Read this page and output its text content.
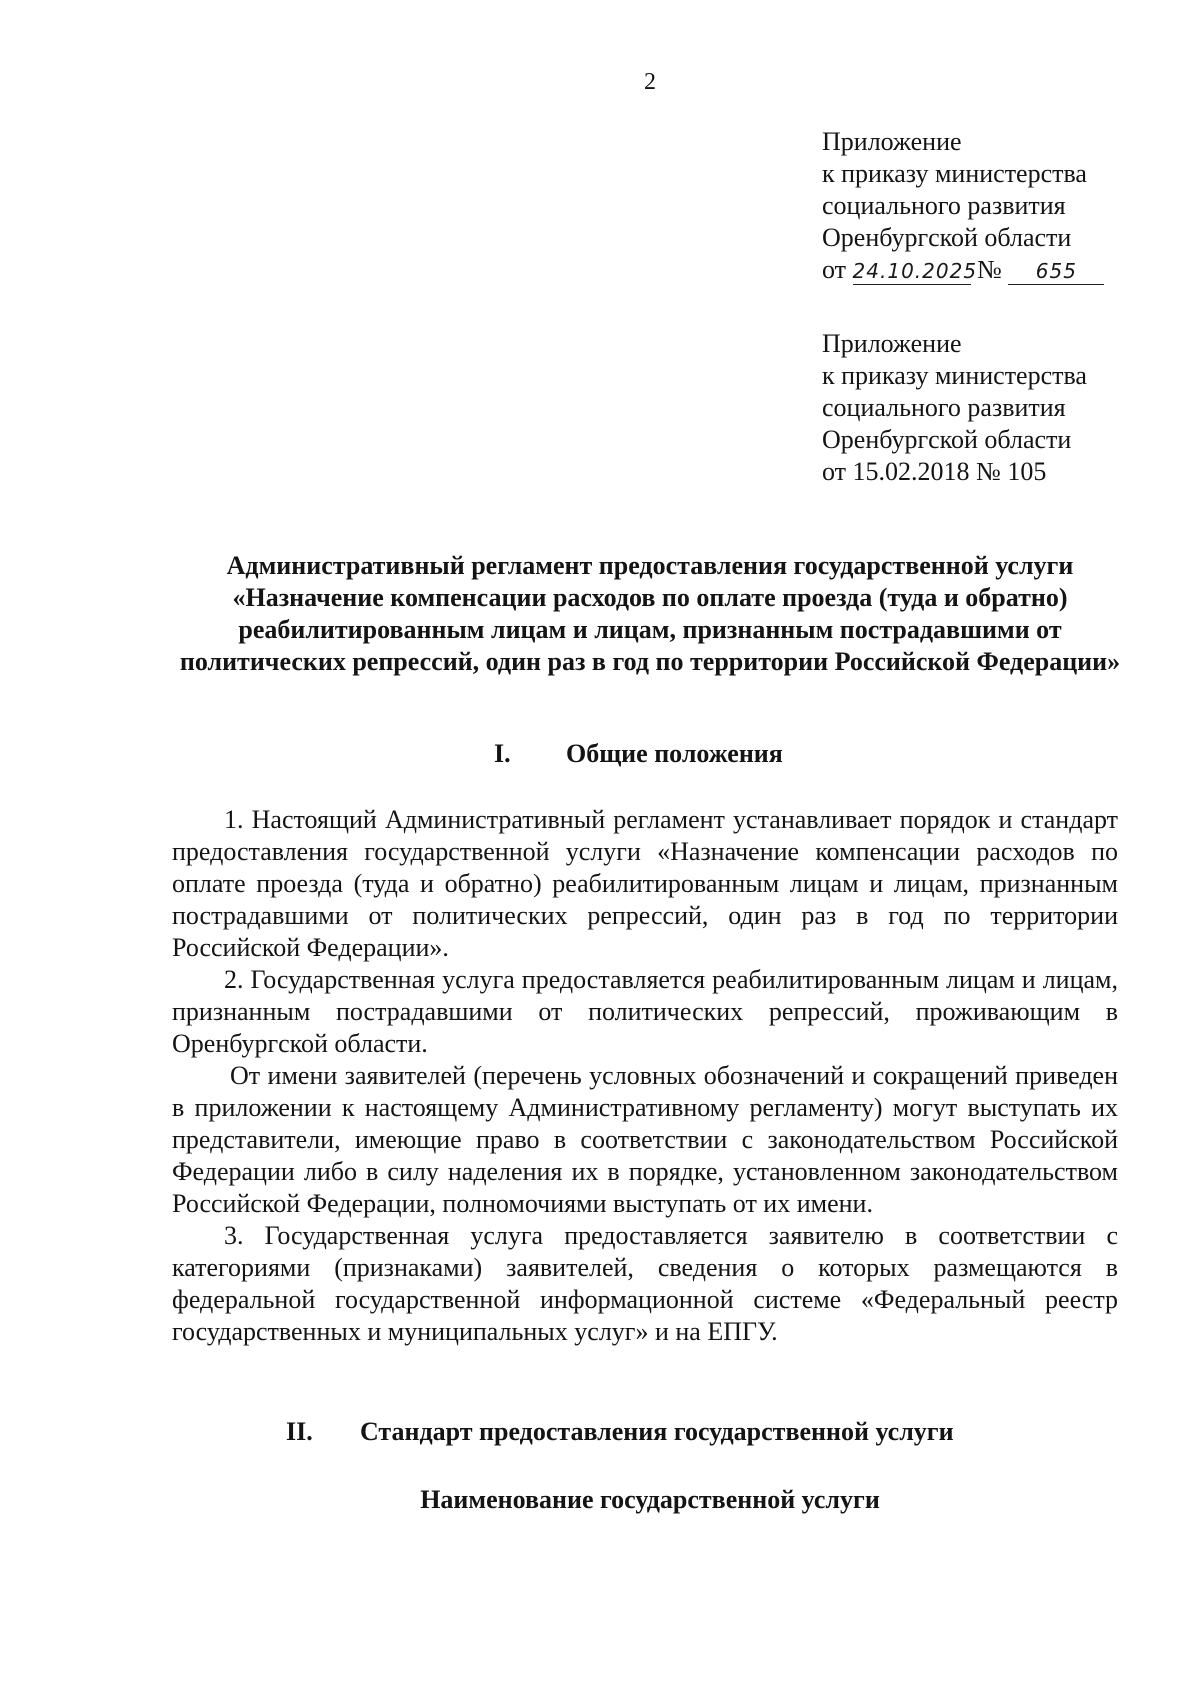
2
Приложение
к приказу министерства
социального развития
Оренбургской области
от 24.10.2025 № 655
Приложение
к приказу министерства
социального развития
Оренбургской области
от 15.02.2018 № 105
Административный регламент предоставления государственной услуги «Назначение компенсации расходов по оплате проезда (туда и обратно) реабилитированным лицам и лицам, признанным пострадавшими от политических репрессий, один раз в год по территории Российской Федерации»
I. Общие положения

1. Настоящий Административный регламент устанавливает порядок и стандарт предоставления государственной услуги «Назначение компенсации расходов по оплате проезда (туда и обратно) реабилитированным лицам и лицам, признанным пострадавшими от политических репрессий, один раз в год по территории Российской Федерации».

2. Государственная услуга предоставляется реабилитированным лицам и лицам, признанным пострадавшими от политических репрессий, проживающим в Оренбургской области.

От имени заявителей (перечень условных обозначений и сокращений приведен в приложении к настоящему Административному регламенту) могут выступать их представители, имеющие право в соответствии с законодательством Российской Федерации либо в силу наделения их в порядке, установленном законодательством Российской Федерации, полномочиями выступать от их имени.

3. Государственная услуга предоставляется заявителю в соответствии с категориями (признаками) заявителей, сведения о которых размещаются в федеральной государственной информационной системе «Федеральный реестр государственных и муниципальных услуг» и на ЕПГУ.

II. Стандарт предоставления государственной услуги
Наименование государственной услуги
